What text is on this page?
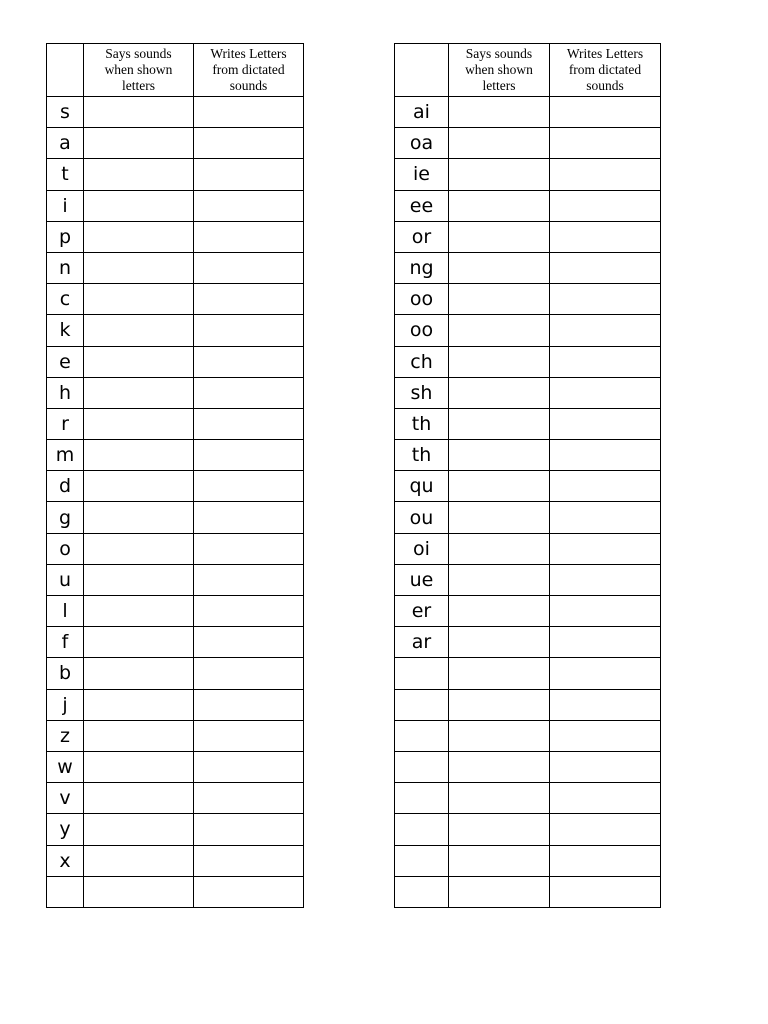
	Says sounds
when shown
letters	Writes Letters
from dictated
sounds
s		
a		
t		
i		
p		
n		
c		
k		
e		
h		
r		
m		
d		
g		
o		
u		
l		
f		
b		
j		
z		
w		
v		
y		
x		

	Says sounds
when shown
letters	Writes Letters
from dictated
sounds
ai		
oa		
ie		
ee		
or		
ng		
oo		
oo		
ch		
sh		
th		
th		
qu		
ou		
oi		
ue		
er		
ar		
